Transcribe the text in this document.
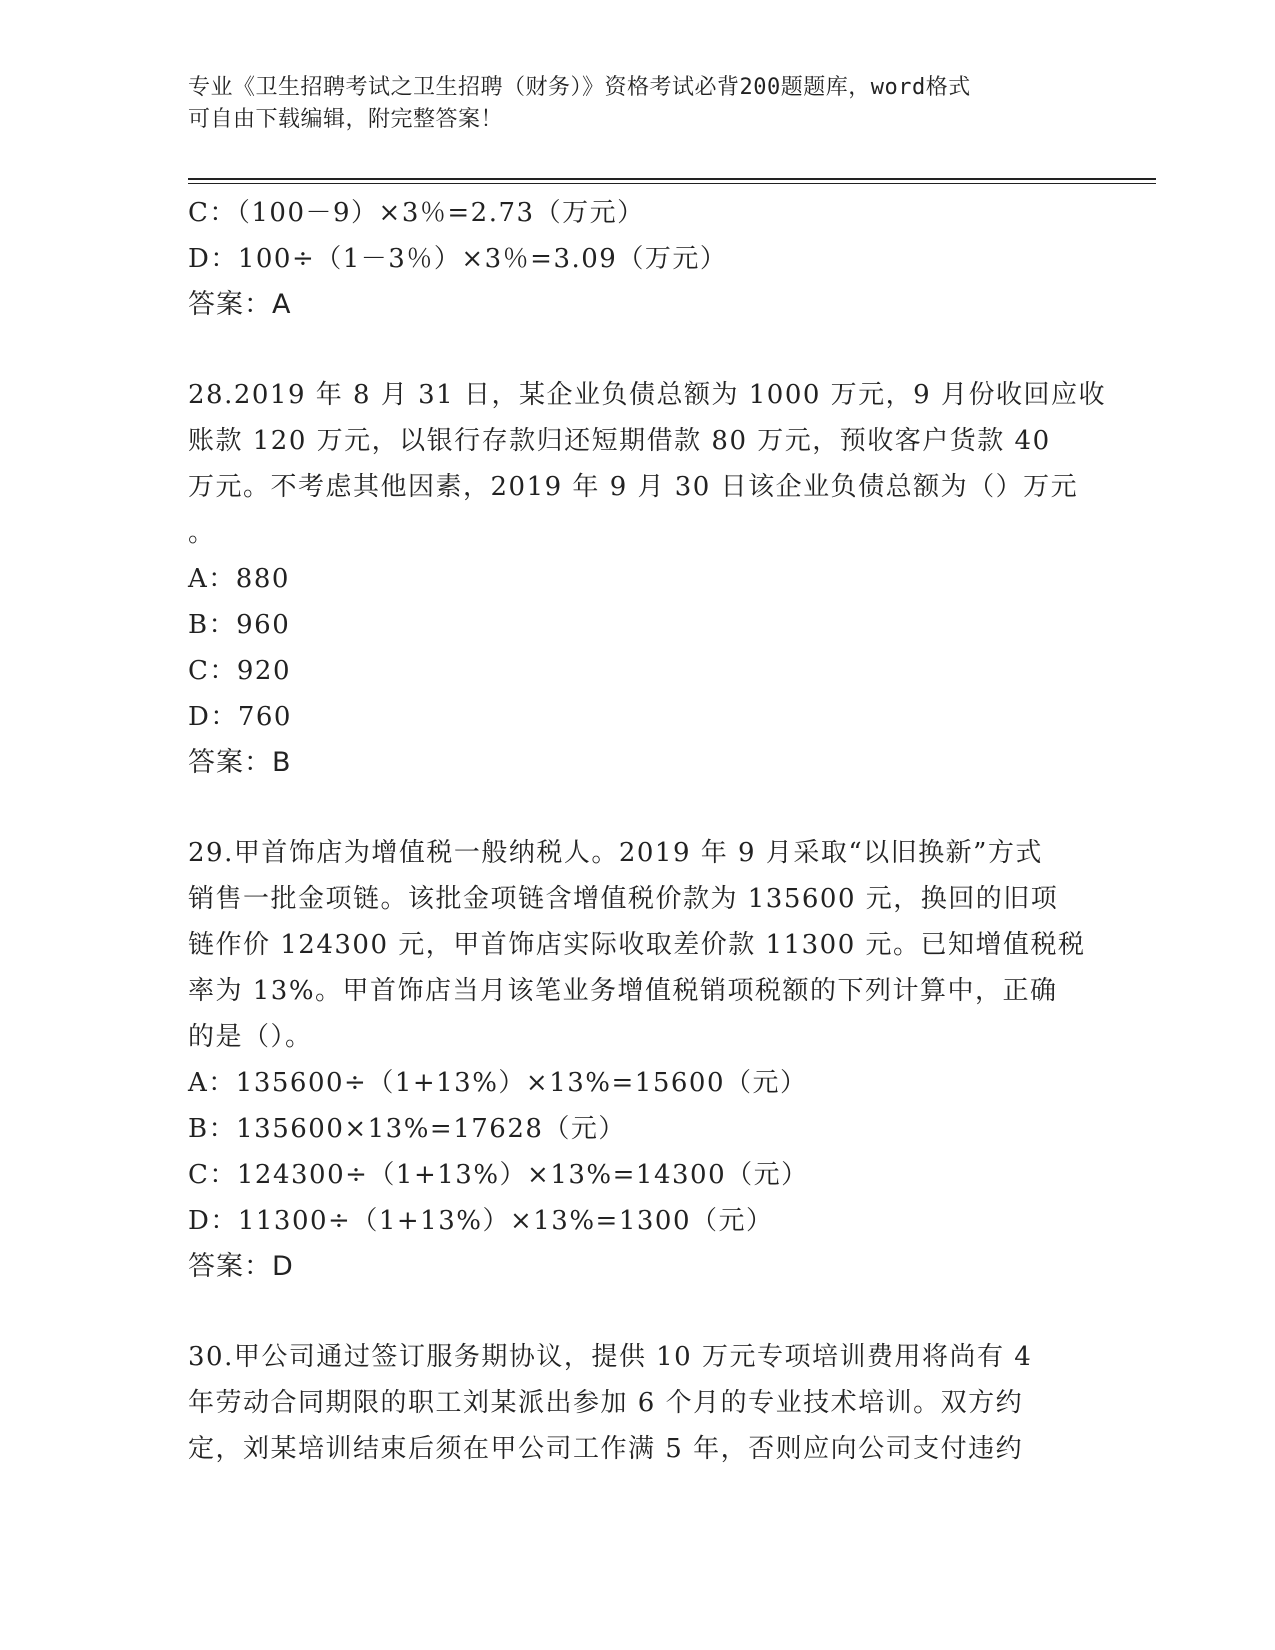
专业《卫生招聘考试之卫生招聘（财务）》资格考试必背200题题库，word格式
可自由下载编辑，附完整答案！
C：（100－9）×3％=2.73（万元）
D：100÷（1－3％）×3％=3.09（万元）
答案：A
28.2019 年 8 月 31 日，某企业负债总额为 1000 万元，9 月份收回应收
账款 120 万元，以银行存款归还短期借款 80 万元，预收客户货款 40
万元。不考虑其他因素，2019 年 9 月 30 日该企业负债总额为（）万元
。
A：880
B：960
C：920
D：760
答案：B
29.甲首饰店为增值税一般纳税人。2019 年 9 月采取“以旧换新”方式
销售一批金项链。该批金项链含增值税价款为 135600 元，换回的旧项
链作价 124300 元，甲首饰店实际收取差价款 11300 元。已知增值税税
率为 13%。甲首饰店当月该笔业务增值税销项税额的下列计算中，正确
的是（）。
A：135600÷（1+13%）×13%=15600（元）
B：135600×13%=17628（元）
C：124300÷（1+13%）×13%=14300（元）
D：11300÷（1+13%）×13%=1300（元）
答案：D
30.甲公司通过签订服务期协议，提供 10 万元专项培训费用将尚有 4
年劳动合同期限的职工刘某派出参加 6 个月的专业技术培训。双方约
定，刘某培训结束后须在甲公司工作满 5 年，否则应向公司支付违约
